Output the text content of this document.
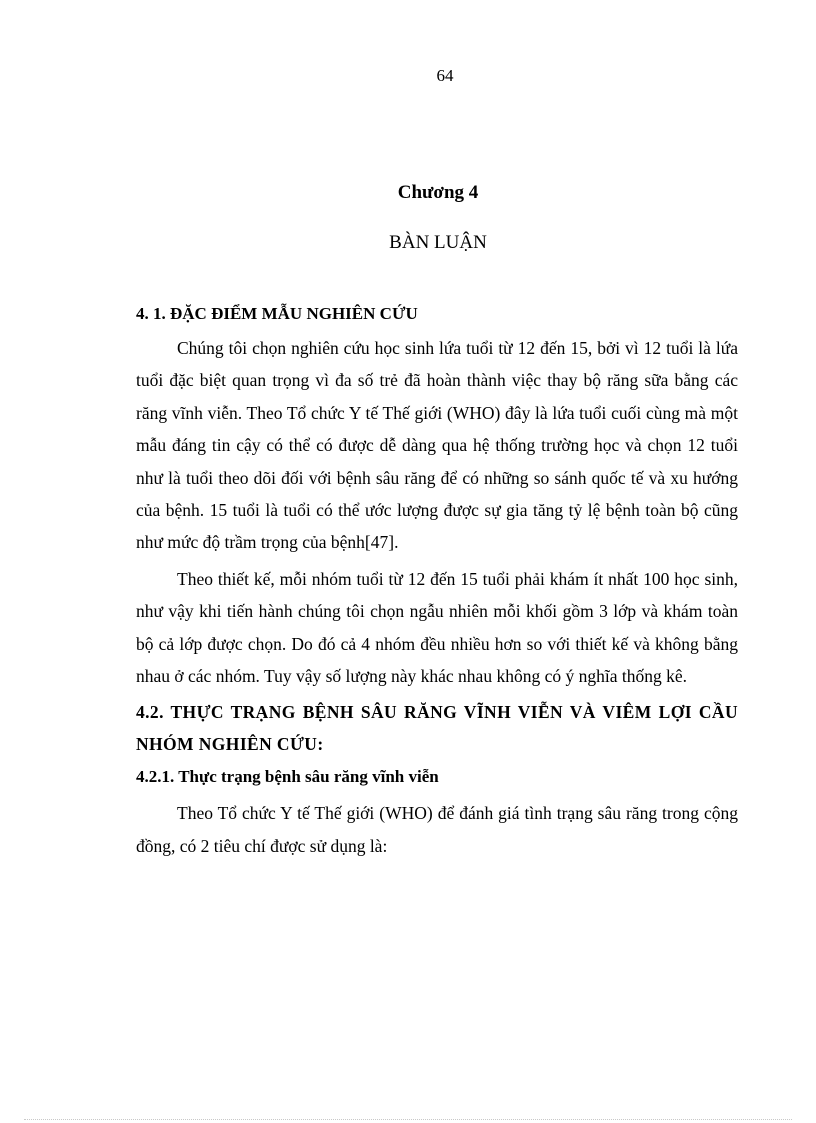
64
Chương 4
BÀN LUẬN

4. 1. ĐẶC ĐIỂM MẪU NGHIÊN CỨU

Chúng tôi chọn nghiên cứu học sinh lứa tuổi từ 12 đến 15, bởi vì 12 tuổi là lứa tuổi đặc biệt quan trọng vì đa số trẻ đã hoàn thành việc thay bộ răng sữa bằng các răng vĩnh viễn. Theo Tổ chức Y tế Thế giới (WHO) đây là lứa tuổi cuối cùng mà một mẫu đáng tin cậy có thể có được dễ dàng qua hệ thống trường học và chọn 12 tuổi như là tuổi theo dõi đối với bệnh sâu răng để có những so sánh quốc tế và xu hướng của bệnh. 15 tuổi là tuổi có thể ước lượng được sự gia tăng tỷ lệ bệnh toàn bộ cũng như mức độ trầm trọng của bệnh[47].

Theo thiết kế, mỗi nhóm tuổi từ 12 đến 15 tuổi phải khám ít nhất 100 học sinh, như vậy khi tiến hành chúng tôi chọn ngẫu nhiên mỗi khối gồm 3 lớp và khám toàn bộ cả lớp được chọn. Do đó cả 4 nhóm đều nhiều hơn so với thiết kế và không bằng nhau ở các nhóm. Tuy vậy số lượng này khác nhau không có ý nghĩa thống kê.

4.2. THỰC TRẠNG BỆNH SÂU RĂNG VĨNH VIỄN VÀ VIÊM LỢI CẦU NHÓM NGHIÊN CỨU:

4.2.1. Thực trạng bệnh sâu răng vĩnh viễn

Theo Tổ chức Y tế Thế giới (WHO) để đánh giá tình trạng sâu răng trong cộng đồng, có 2 tiêu chí được sử dụng là:
